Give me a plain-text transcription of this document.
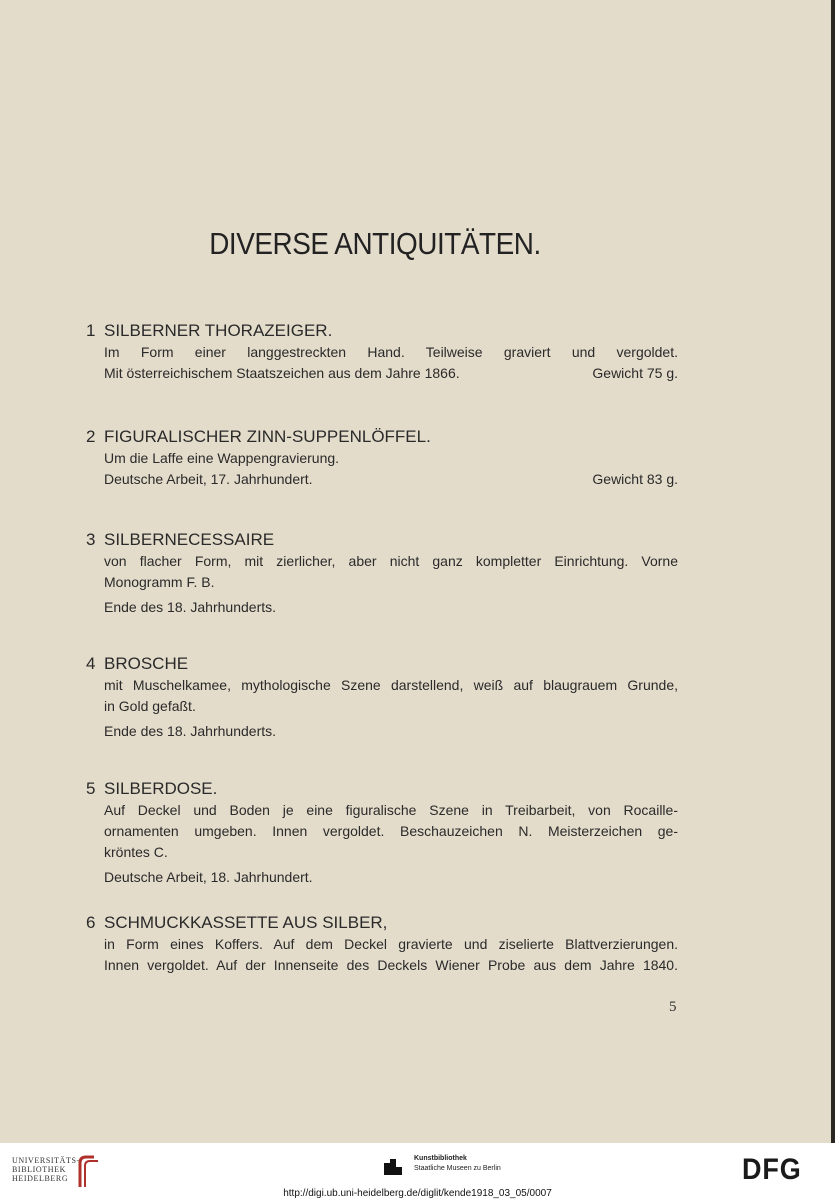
DIVERSE ANTIQUITÄTEN.
1 SILBERNER THORAZEIGER.
Im Form einer langgestreckten Hand. Teilweise graviert und vergoldet.
Mit österreichischem Staatszeichen aus dem Jahre 1866.	Gewicht 75 g.
2 FIGURALISCHER ZINN-SUPPENLÖFFEL.
Um die Laffe eine Wappengravierung.
Deutsche Arbeit, 17. Jahrhundert.	Gewicht 83 g.
3 SILBERNECESSAIRE
von flacher Form, mit zierlicher, aber nicht ganz kompletter Einrichtung. Vorne
Monogramm F. B.
Ende des 18. Jahrhunderts.
4 BROSCHE
mit Muschelkamee, mythologische Szene darstellend, weiß auf blaugrauem Grunde,
in Gold gefaßt.
Ende des 18. Jahrhunderts.
5 SILBERDOSE.
Auf Deckel und Boden je eine figuralische Szene in Treibarbeit, von Rocaille-
ornamenten umgeben. Innen vergoldet. Beschauzeichen N. Meisterzeichen ge-
kröntes C.
Deutsche Arbeit, 18. Jahrhundert.
6 SCHMUCKKASSETTE AUS SILBER,
in Form eines Koffers. Auf dem Deckel gravierte und ziselierte Blattverzierungen.
Innen vergoldet. Auf der Innenseite des Deckels Wiener Probe aus dem Jahre 1840.
5
UNIVERSITÄTS-
BIBLIOTHEK
HEIDELBERG
Kunstbibliothek
Staatliche Museen zu Berlin	DFG
http://digi.ub.uni-heidelberg.de/diglit/kende1918_03_05/0007
